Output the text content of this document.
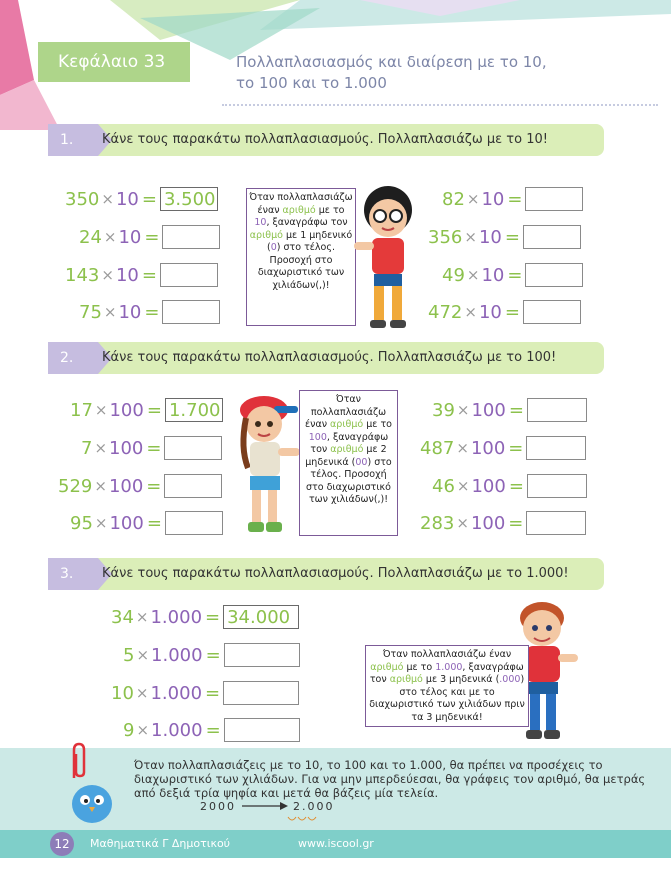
Κεφάλαιο 33	Πολλαπλασιασμός και διαίρεση με το 10,
το 100 και το 1.000
1.	Κάνε τους παρακάτω πολλαπλασιασμούς. Πολλαπλασιάζω με το 10!
350 × 10 = 3.500
24 × 10 =
143 × 10 =
75 × 10 =
82 × 10 =
356 × 10 =
49 × 10 =
472 × 10 =
Όταν πολλαπλασιάζω έναν αριθμό με το 10, ξαναγράφω τον αριθμό με 1 μηδενικό (0) στο τέλος. Προσοχή στο διαχωριστικό των χιλιάδων(,)!
2.	Κάνε τους παρακάτω πολλαπλασιασμούς. Πολλαπλασιάζω με το 100!
17 × 100 = 1.700
7 × 100 =
529 × 100 =
95 × 100 =
39 × 100 =
487 × 100 =
46 × 100 =
283 × 100 =
Όταν πολλαπλασιάζω έναν αριθμό με το 100, ξαναγράφω τον αριθμό με 2 μηδενικά (00) στο τέλος. Προσοχή στο διαχωριστικό των χιλιάδων(,)!
3.	Κάνε τους παρακάτω πολλαπλασιασμούς. Πολλαπλασιάζω με το 1.000!
34 × 1.000 = 34.000
5 × 1.000 =
10 × 1.000 =
9 × 1.000 =
Όταν πολλαπλασιάζω έναν αριθμό με το 1.000, ξαναγράφω τον αριθμό με 3 μηδενικά (.000) στο τέλος και με το διαχωριστικό των χιλιάδων πριν τα 3 μηδενικά!
Όταν πολλαπλασιάζεις με το 10, το 100 και το 1.000, θα πρέπει να προσέχεις το διαχωριστικό των χιλιάδων. Για να μην μπερδεύεσαι, θα γράφεις τον αριθμό, θα μετράς από δεξιά τρία ψηφία και μετά θα βάζεις μία τελεία.
2000	2.000
12	Μαθηματικά Γ Δημοτικού	www.iscool.gr
